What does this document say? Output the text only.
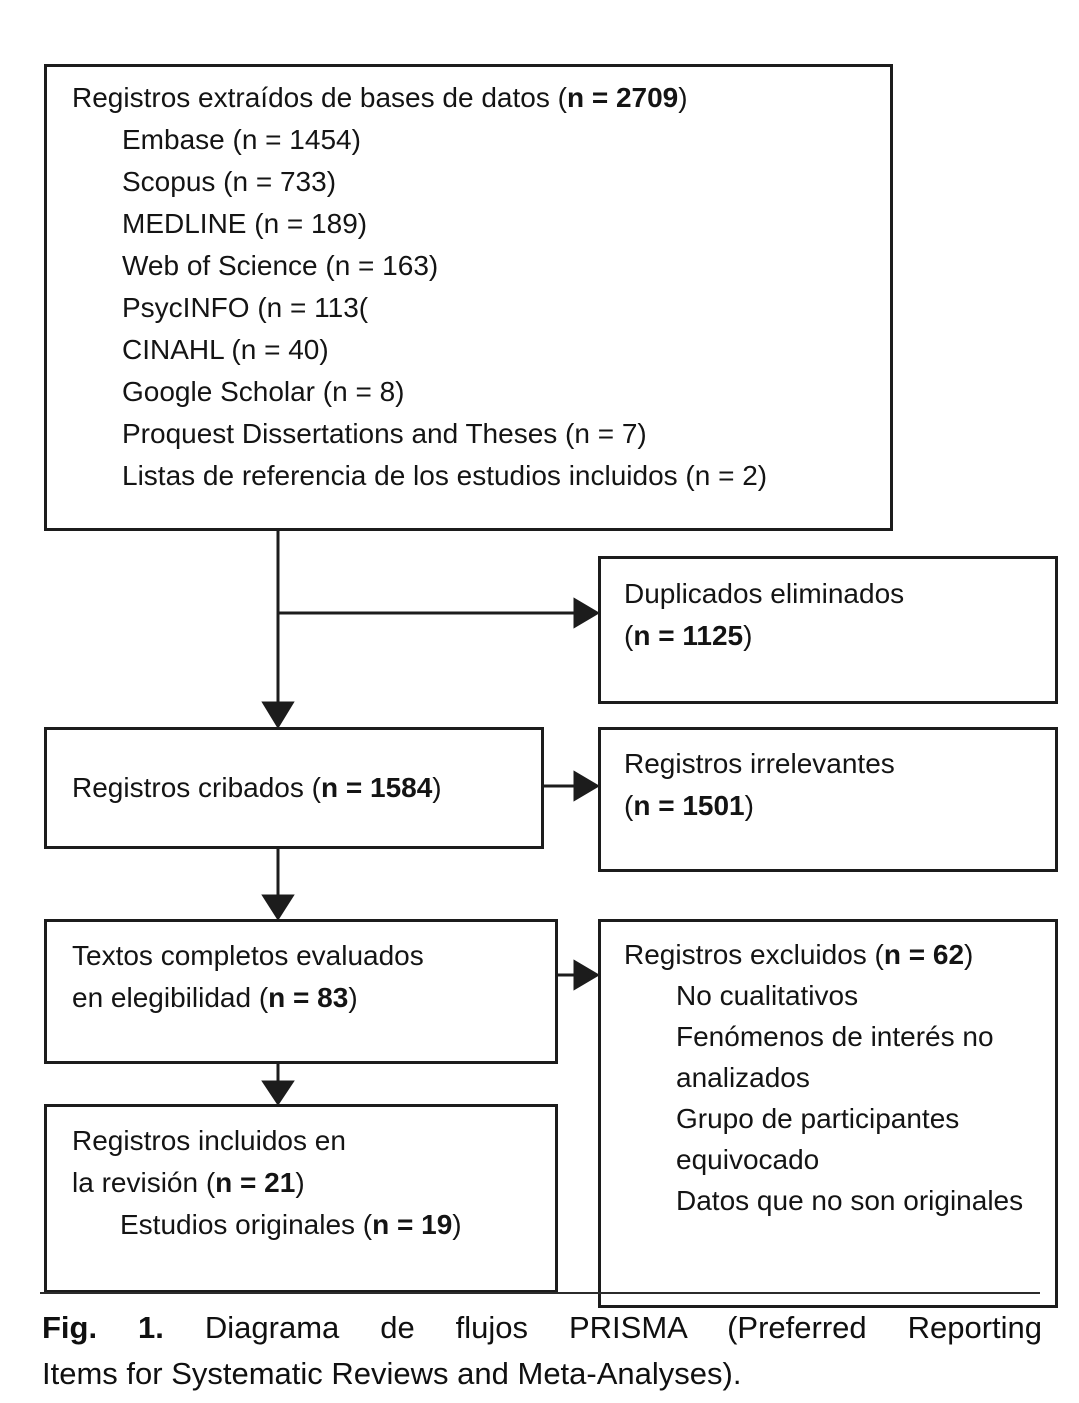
Registros extraídos de bases de datos (n = 2709)
Embase (n = 1454)
Scopus (n = 733)
MEDLINE (n = 189)
Web of Science (n = 163)
PsycINFO (n = 113(
CINAHL (n = 40)
Google Scholar (n = 8)
Proquest Dissertations and Theses (n = 7)
Listas de referencia de los estudios incluidos (n = 2)
Duplicados eliminados
(n = 1125)
Registros cribados (n = 1584)
Registros irrelevantes
(n = 1501)
Textos completos evaluados
en elegibilidad (n = 83)
Registros excluidos (n = 62)
No cualitativos
Fenómenos de interés no analizados
Grupo de participantes equivocado
Datos que no son originales
Registros incluidos en
la revisión (n = 21)
Estudios originales (n = 19)
Fig. 1. Diagrama de flujos PRISMA (Preferred Reporting
Items for Systematic Reviews and Meta-Analyses).
